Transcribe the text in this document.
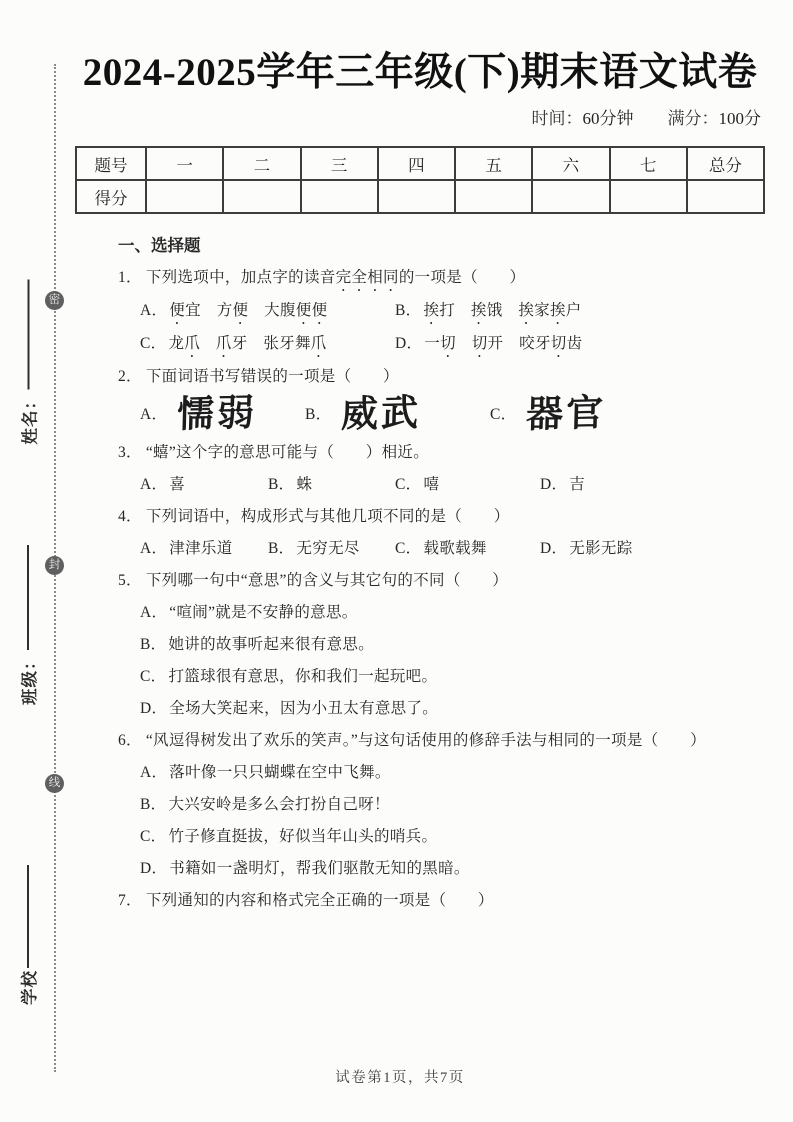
密
封
线
姓名：
班级：
学校
2024-2025学年三年级(下)期末语文试卷
时间：60分钟 满分：100分
题号	一	二	三	四	五	六	七	总分
得分								
一、选择题
1． 下列选项中，加点字的读音完全相同的一项是（　　 ）
A． 便宜　 方便　 大腹便便	B． 挨打　 挨饿　 挨家挨户
C． 龙爪　 爪牙　 张牙舞爪	D． 一切　 切开　 咬牙切齿
2． 下面词语书写错误的一项是（　　 ）
A． 懦弱	B． 威武	C． 器官
3． “蟢”这个字的意思可能与（　　 ）相近。
A． 喜	B． 蛛	C． 嘻	D． 吉
4． 下列词语中，构成形式与其他几项不同的是（　　 ）
A． 津津乐道	B． 无穷无尽	C． 载歌载舞	D． 无影无踪
5． 下列哪一句中“意思”的含义与其它句的不同（　　 ）
A． “喧闹”就是不安静的意思。
B． 她讲的故事听起来很有意思。
C． 打篮球很有意思，你和我们一起玩吧。
D． 全场大笑起来，因为小丑太有意思了。
6． “风逗得树发出了欢乐的笑声。”与这句话使用的修辞手法与相同的一项是（　　 ）
A． 落叶像一只只蝴蝶在空中飞舞。
B． 大兴安岭是多么会打扮自己呀！
C． 竹子修直挺拔，好似当年山头的哨兵。
D． 书籍如一盏明灯，帮我们驱散无知的黑暗。
7． 下列通知的内容和格式完全正确的一项是（　　 ）
试卷第1页，共7页
